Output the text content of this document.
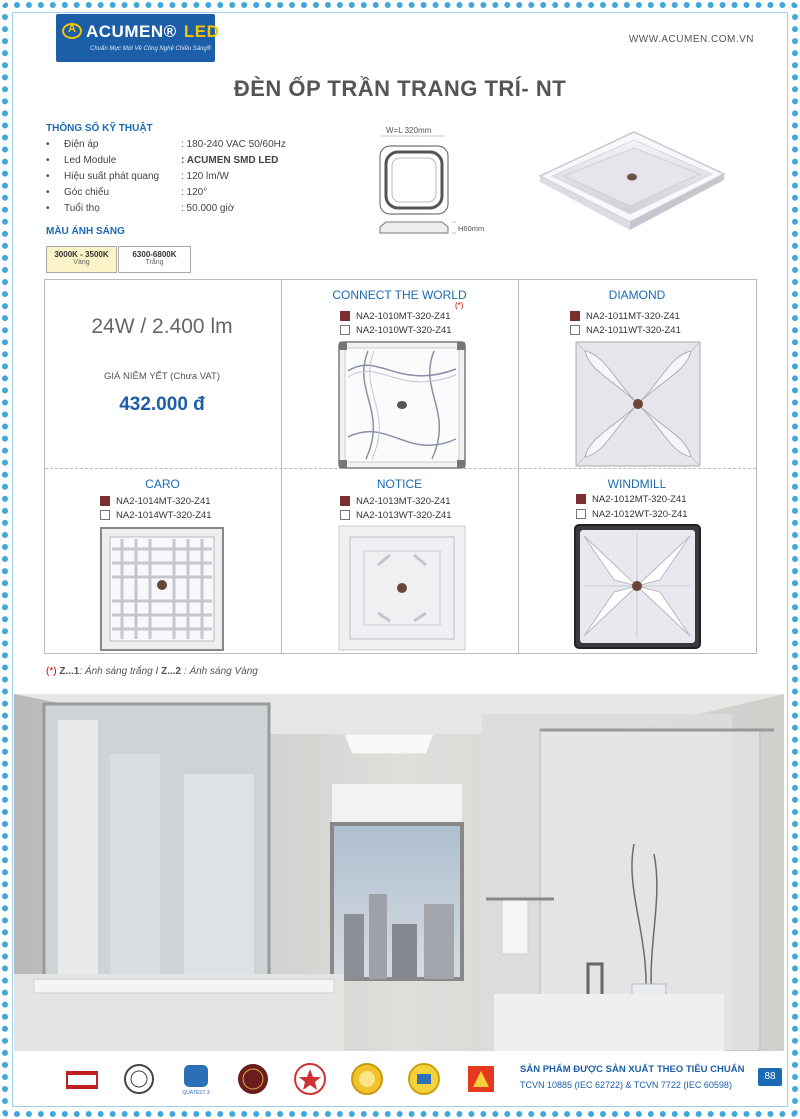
AACUMEN® LED
Chuẩn Mực Mới Về Công Nghệ Chiếu Sáng®
WWW.ACUMEN.COM.VN
ĐÈN ỐP TRẦN TRANG TRÍ- NT
THÔNG SỐ KỸ THUẬT
•	Điện áp	: 180-240 VAC 50/60Hz
•	Led Module	: ACUMEN SMD LED
•	Hiệu suất phát quang	: 120 lm/W
•	Góc chiếu	: 120°
•	Tuổi thọ	: 50.000 giờ
MÀU ÁNH SÁNG
3000K - 3500K
Vàng
6300-6800K
Trắng
W=L 320mm
H60mm
24W / 2.400 lm
GIÁ NIÊM YẾT (Chưa VAT)
432.000 đ
CONNECT THE WORLD
(*)
NA2-1010MT-320-Z41
NA2-1010WT-320-Z41
DIAMOND
NA2-1011MT-320-Z41
NA2-1011WT-320-Z41
CARO
NA2-1014MT-320-Z41
NA2-1014WT-320-Z41
NOTICE
NA2-1013MT-320-Z41
NA2-1013WT-320-Z41
WINDMILL
NA2-1012MT-320-Z41
NA2-1012WT-320-Z41
(*) Z...1: Ánh sáng trắng I Z...2 : Ánh sáng Vàng
QUATEST 3
SẢN PHẨM ĐƯỢC SẢN XUẤT THEO TIÊU CHUẨN
TCVN 10885 (IEC 62722) & TCVN 7722 (IEC 60598)
88
